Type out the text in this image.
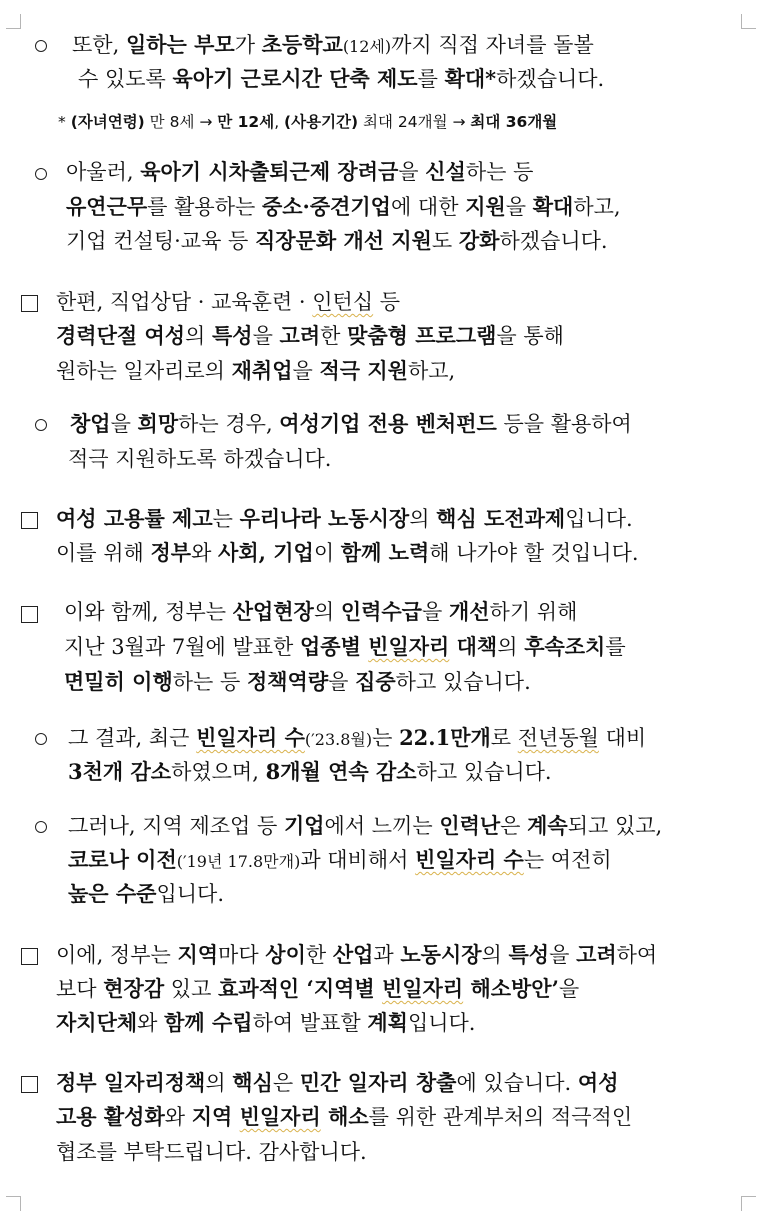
또한, 일하는 부모가 초등학교(12세)까지 직접 자녀를 돌볼
수 있도록 육아기 근로시간 단축 제도를 확대*하겠습니다.
* (자녀연령) 만 8세 → 만 12세, (사용기간) 최대 24개월 → 최대 36개월
아울러, 육아기 시차출퇴근제 장려금을 신설하는 등
유연근무를 활용하는 중소·중견기업에 대한 지원을 확대하고,
기업 컨설팅·교육 등 직장문화 개선 지원도 강화하겠습니다.
한편, 직업상담 · 교육훈련 · 인턴십 등
경력단절 여성의 특성을 고려한 맞춤형 프로그램을 통해
원하는 일자리로의 재취업을 적극 지원하고,
창업을 희망하는 경우, 여성기업 전용 벤처펀드 등을 활용하여
적극 지원하도록 하겠습니다.
여성 고용률 제고는 우리나라 노동시장의 핵심 도전과제입니다.
이를 위해 정부와 사회, 기업이 함께 노력해 나가야 할 것입니다.
이와 함께, 정부는 산업현장의 인력수급을 개선하기 위해
지난 3월과 7월에 발표한 업종별 빈일자리 대책의 후속조치를
면밀히 이행하는 등 정책역량을 집중하고 있습니다.
그 결과, 최근 빈일자리 수(′23.8월)는 22.1만개로 전년동월 대비
3천개 감소하였으며, 8개월 연속 감소하고 있습니다.
그러나, 지역 제조업 등 기업에서 느끼는 인력난은 계속되고 있고,
코로나 이전(′19년 17.8만개)과 대비해서 빈일자리 수는 여전히
높은 수준입니다.
이에, 정부는 지역마다 상이한 산업과 노동시장의 특성을 고려하여
보다 현장감 있고 효과적인 ‘지역별 빈일자리 해소방안’을
자치단체와 함께 수립하여 발표할 계획입니다.
정부 일자리정책의 핵심은 민간 일자리 창출에 있습니다. 여성
고용 활성화와 지역 빈일자리 해소를 위한 관계부처의 적극적인
협조를 부탁드립니다. 감사합니다.
